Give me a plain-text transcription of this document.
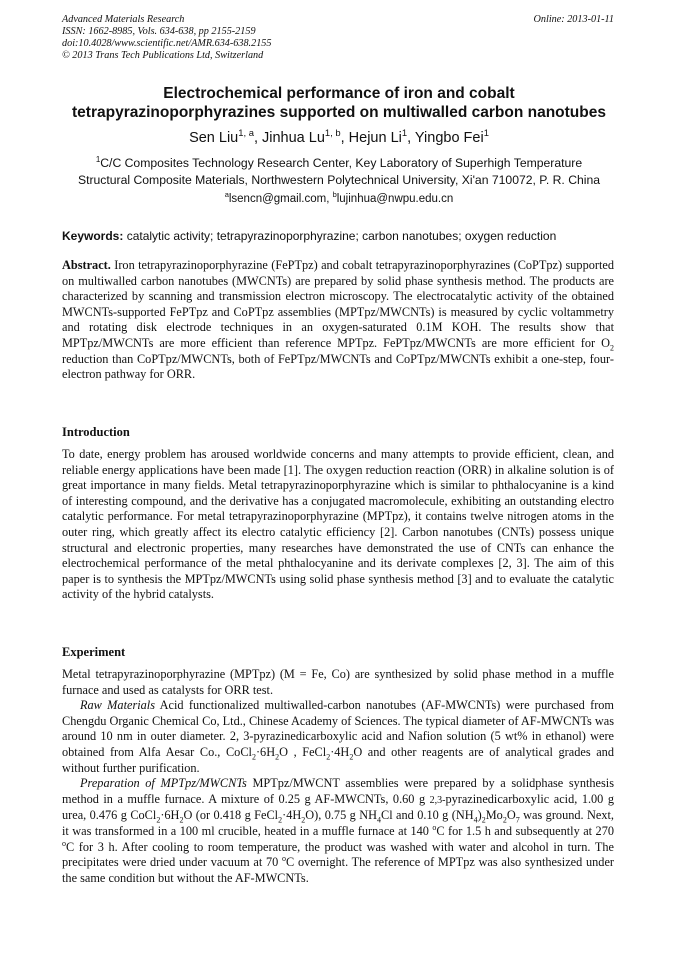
Advanced Materials Research
ISSN: 1662-8985, Vols. 634-638, pp 2155-2159
doi:10.4028/www.scientific.net/AMR.634-638.2155
© 2013 Trans Tech Publications Ltd, Switzerland
Online: 2013-01-11
Electrochemical performance of iron and cobalt
tetrapyrazinoporphyrazines supported on multiwalled carbon nanotubes
Sen Liu$^{1, a}$, Jinhua Lu$^{1, b}$, Hejun Li$^1$, Yingbo Fei$^1$
$^1$C/C Composites Technology Research Center, Key Laboratory of Superhigh Temperature
Structural Composite Materials, Northwestern Polytechnical University, Xi'an 710072, P. R. China
$^a$lsencn@gmail.com, $^b$lujinhua@nwpu.edu.cn
Keywords: catalytic activity; tetrapyrazinoporphyrazine; carbon nanotubes; oxygen reduction

Abstract. Iron tetrapyrazinoporphyrazine (FePTpz) and cobalt tetrapyrazinoporphyrazines (CoPTpz) supported on multiwalled carbon nanotubes (MWCNTs) are prepared by solid phase synthesis method. The products are characterized by scanning and transmission electron microscopy. The electrocatalytic activity of the obtained MWCNTs-supported FePTpz and CoPTpz assemblies (MPTpz/MWCNTs) is measured by cyclic voltammetry and rotating disk electrode techniques in an oxygen-saturated 0.1M KOH. The results show that MPTpz/MWCNTs are more efficient than reference MPTpz. FePTpz/MWCNTs are more efficient for $O_2$ reduction than CoPTpz/MWCNTs, both of FePTpz/MWCNTs and CoPTpz/MWCNTs exhibit a one-step, four-electron pathway for ORR.

Introduction

To date, energy problem has aroused worldwide concerns and many attempts to provide efficient, clean, and reliable energy applications have been made [1]. The oxygen reduction reaction (ORR) in alkaline solution is of great importance in many fields. Metal tetrapyrazinoporphyrazine which is similar to phthalocyanine is a kind of interesting compound, and the derivative has a conjugated macromolecule, exhibiting an outstanding electro catalytic performance. For metal tetrapyrazinoporphyrazine (MPTpz), it contains twelve nitrogen atoms in the outer ring, which greatly affect its electro catalytic efficiency [2]. Carbon nanotubes (CNTs) possess unique structural and electronic properties, many researches have demonstrated the use of CNTs can enhance the electrochemical performance of the metal phthalocyanine and its derivate complexes [2, 3]. The aim of this paper is to synthesis the MPTpz/MWCNTs using solid phase synthesis method [3] and to evaluate the catalytic activity of the hybrid catalysts.

Experiment

Metal tetrapyrazinoporphyrazine (MPTpz) (M = Fe, Co) are synthesized by solid phase method in a muffle furnace and used as catalysts for ORR test.

Raw Materials Acid functionalized multiwalled-carbon nanotubes (AF-MWCNTs) were purchased from Chengdu Organic Chemical Co, Ltd., Chinese Academy of Sciences. The typical diameter of AF-MWCNTs was around 10 nm in outer diameter. 2, 3-pyrazinedicarboxylic acid and Nafion solution (5 wt% in ethanol) were obtained from Alfa Aesar Co., $CoCl_2\cdot 6H_2O$ , $FeCl_2\cdot 4H_2O$ and other reagents are of analytical grades and without further purification.

Preparation of MPTpz/MWCNTs MPTpz/MWCNT assemblies were prepared by a solidphase synthesis method in a muffle furnace. A mixture of 0.25 g AF-MWCNTs, 0.60 g 2,3-pyrazinedicarboxylic acid, 1.00 g urea, 0.476 g $CoCl_2\cdot 6H_2O$ (or 0.418 g $FeCl_2\cdot 4H_2O$), 0.75 g $NH_4Cl$ and 0.10 g $(NH_4)_2Mo_2O_7$ was ground. Next, it was transformed in a 100 ml crucible, heated in a muffle furnace at 140 $^o$C for 1.5 h and subsequently at 270 $^o$C for 3 h. After cooling to room temperature, the product was washed with water and alcohol in turn. The precipitates were dried under vacuum at 70 $^o$C overnight. The reference of MPTpz was also synthesized under the same condition but without the AF-MWCNTs.
